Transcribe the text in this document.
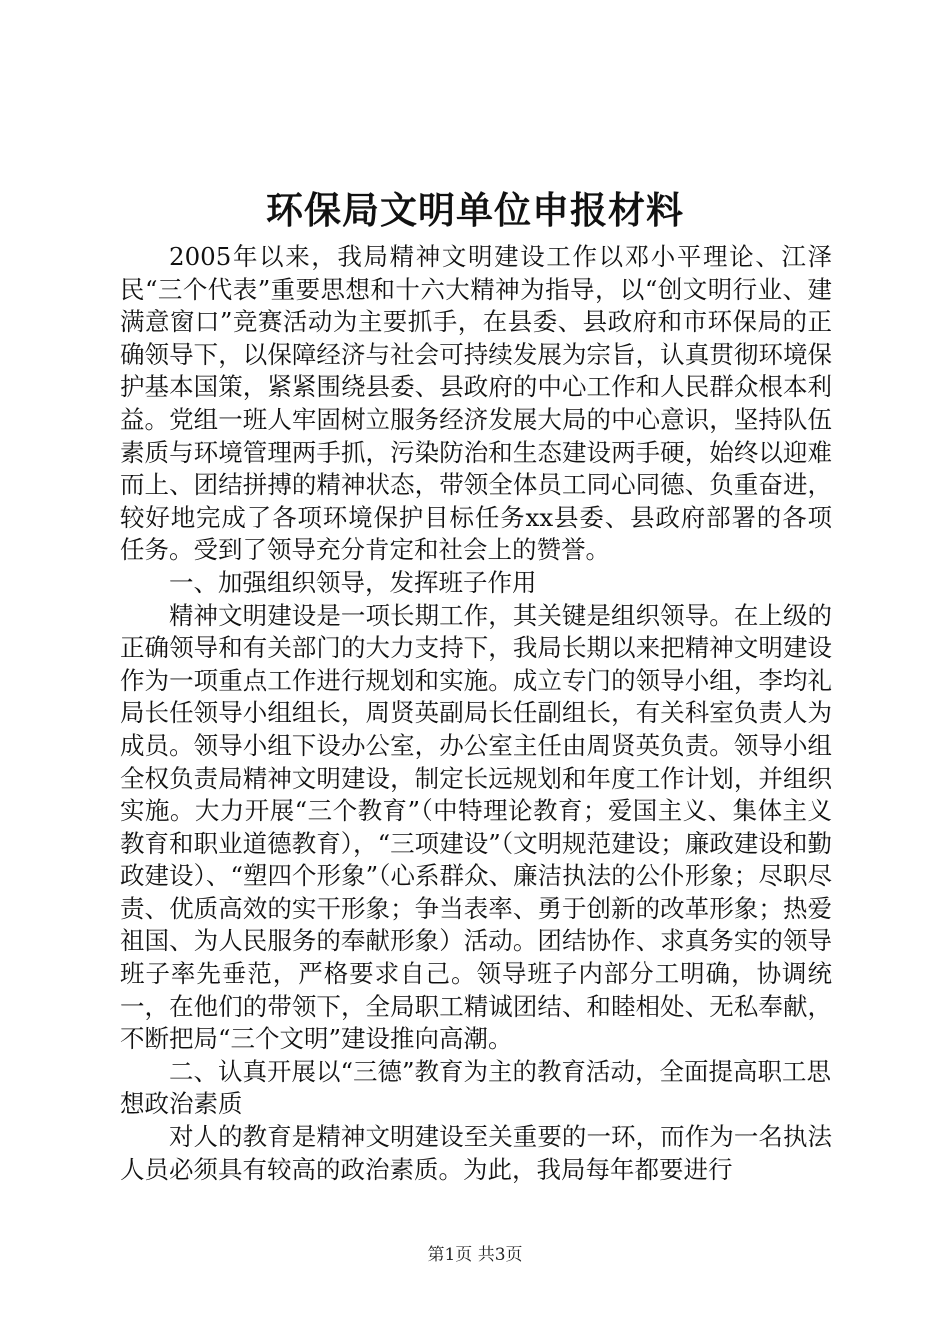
环保局文明单位申报材料

2005年以来，我局精神文明建设工作以邓小平理论、江泽民“三个代表”重要思想和十六大精神为指导，以“创文明行业、建满意窗口”竞赛活动为主要抓手，在县委、县政府和市环保局的正确领导下，以保障经济与社会可持续发展为宗旨，认真贯彻环境保护基本国策，紧紧围绕县委、县政府的中心工作和人民群众根本利益。党组一班人牢固树立服务经济发展大局的中心意识，坚持队伍素质与环境管理两手抓，污染防治和生态建设两手硬，始终以迎难而上、团结拼搏的精神状态，带领全体员工同心同德、负重奋进，较好地完成了各项环境保护目标任务xx县委、县政府部署的各项任务。受到了领导充分肯定和社会上的赞誉。

一、加强组织领导，发挥班子作用

精神文明建设是一项长期工作，其关键是组织领导。在上级的正确领导和有关部门的大力支持下，我局长期以来把精神文明建设作为一项重点工作进行规划和实施。成立专门的领导小组，李均礼局长任领导小组组长，周贤英副局长任副组长，有关科室负责人为成员。领导小组下设办公室，办公室主任由周贤英负责。领导小组全权负责局精神文明建设，制定长远规划和年度工作计划，并组织实施。大力开展“三个教育”（中特理论教育；爱国主义、集体主义教育和职业道德教育），“三项建设”（文明规范建设；廉政建设和勤政建设）、“塑四个形象”（心系群众、廉洁执法的公仆形象；尽职尽责、优质高效的实干形象；争当表率、勇于创新的改革形象；热爱祖国、为人民服务的奉献形象）活动。团结协作、求真务实的领导班子率先垂范，严格要求自己。领导班子内部分工明确，协调统一，在他们的带领下，全局职工精诚团结、和睦相处、无私奉献，不断把局“三个文明”建设推向高潮。

二、认真开展以“三德”教育为主的教育活动，全面提高职工思想政治素质

对人的教育是精神文明建设至关重要的一环，而作为一名执法人员必须具有较高的政治素质。为此，我局每年都要进行

第1页 共3页
